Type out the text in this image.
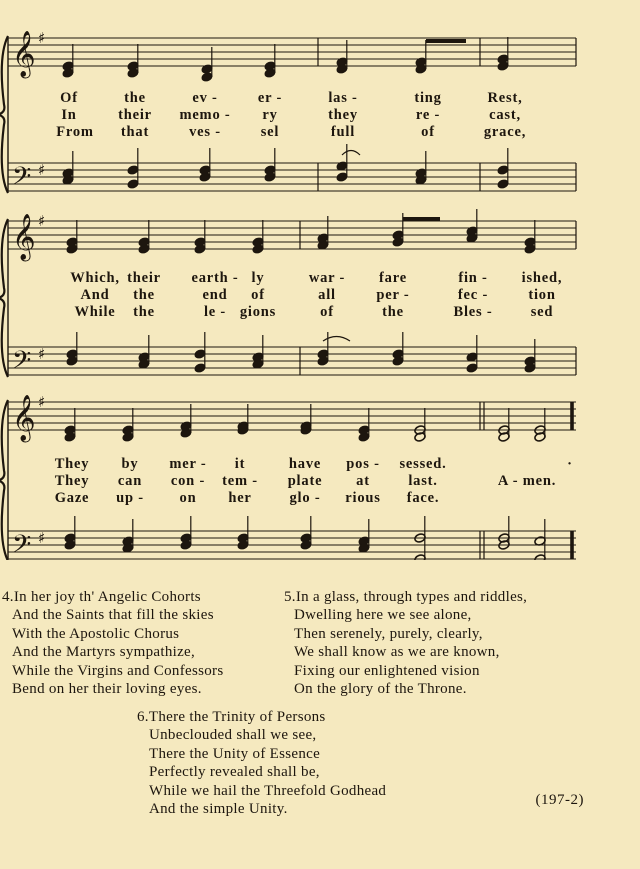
𝄞
𝄢
♯
♯
𝄞
𝄢
♯
♯
𝄞
𝄢
♯
♯
Of	the	ev -	er -	las -	ting	Rest,
In	their memo - ry	they	re -	cast,
From that	ves -	sel	full	of	grace,
Which, their earth - ly	war - fare	fin - ished,
And the	end of	all	per -	fec -	tion
While the	le - gions	of	the	Bles -	sed
They by mer - it	have pos - sessed.	·
They can con - tem - plate at	last.	A - men.
Gaze up - on her	glo - rious face.
4.In her joy th' Angelic Cohorts
And the Saints that fill the skies
With the Apostolic Chorus
And the Martyrs sympathize,
While the Virgins and Confessors
Bend on her their loving eyes.
5.In a glass, through types and riddles,
Dwelling here we see alone,
Then serenely, purely, clearly,
We shall know as we are known,
Fixing our enlightened vision
On the glory of the Throne.
6.There the Trinity of Persons
Unbeclouded shall we see,
There the Unity of Essence
Perfectly revealed shall be,
While we hail the Threefold Godhead
And the simple Unity.
(197-2)
